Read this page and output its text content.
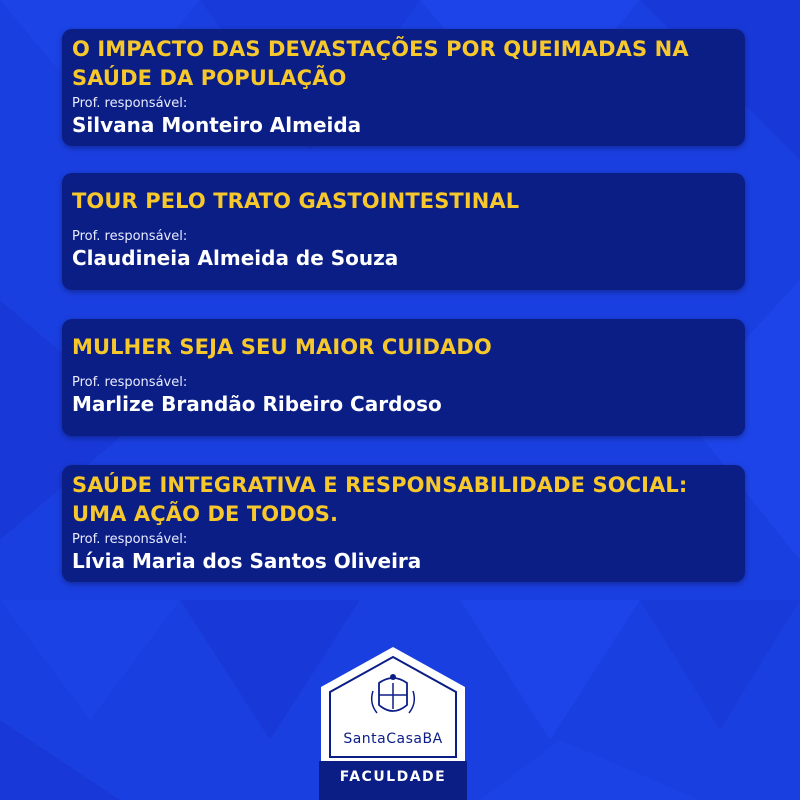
O IMPACTO DAS DEVASTAÇÕES POR QUEIMADAS NA SAÚDE DA POPULAÇÃO

Prof. responsável:
Silvana Monteiro Almeida

TOUR PELO TRATO GASTOINTESTINAL

Prof. responsável:
Claudineia Almeida de Souza

MULHER SEJA SEU MAIOR CUIDADO

Prof. responsável:
Marlize Brandão Ribeiro Cardoso

SAÚDE INTEGRATIVA E RESPONSABILIDADE SOCIAL: UMA AÇÃO DE TODOS.

Prof. responsável:
Lívia Maria dos Santos Oliveira
SantaCasaBA
FACULDADE
